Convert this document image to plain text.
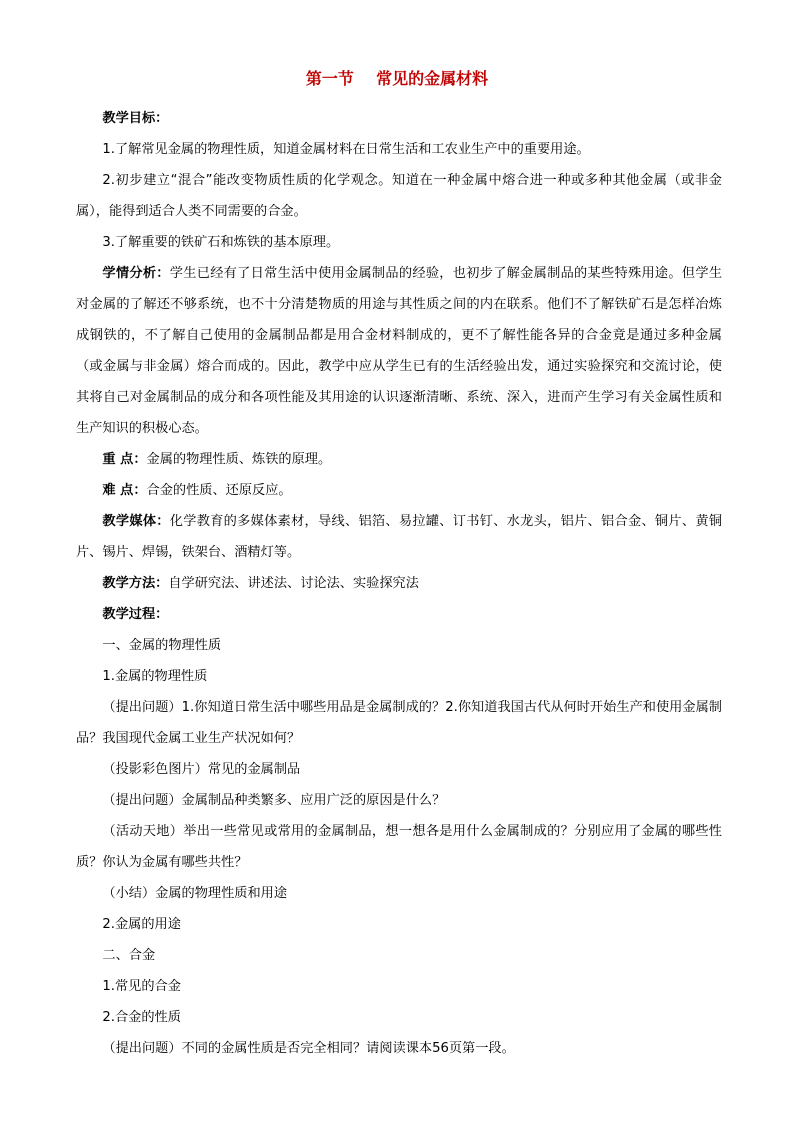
第一节    常见的金属材料

教学目标：

1.了解常见金属的物理性质，知道金属材料在日常生活和工农业生产中的重要用途。

2.初步建立“混合”能改变物质性质的化学观念。知道在一种金属中熔合进一种或多种其他金属（或非金属），能得到适合人类不同需要的合金。

3.了解重要的铁矿石和炼铁的基本原理。

学情分析：学生已经有了日常生活中使用金属制品的经验，也初步了解金属制品的某些特殊用途。但学生对金属的了解还不够系统，也不十分清楚物质的用途与其性质之间的内在联系。他们不了解铁矿石是怎样冶炼成钢铁的，不了解自己使用的金属制品都是用合金材料制成的，更不了解性能各异的合金竟是通过多种金属（或金属与非金属）熔合而成的。因此，教学中应从学生已有的生活经验出发，通过实验探究和交流讨论，使其将自己对金属制品的成分和各项性能及其用途的认识逐渐清晰、系统、深入，进而产生学习有关金属性质和生产知识的积极心态。

重 点：金属的物理性质、炼铁的原理。

难 点：合金的性质、还原反应。

教学媒体：化学教育的多媒体素材，导线、铝箔、易拉罐、订书钉、水龙头，铝片、铝合金、铜片、黄铜片、锡片、焊锡，铁架台、酒精灯等。

教学方法：自学研究法、讲述法、讨论法、实验探究法

教学过程：

一、金属的物理性质

1.金属的物理性质

（提出问题）1.你知道日常生活中哪些用品是金属制成的？2.你知道我国古代从何时开始生产和使用金属制品？我国现代金属工业生产状况如何？

（投影彩色图片）常见的金属制品

（提出问题）金属制品种类繁多、应用广泛的原因是什么？

（活动天地）举出一些常见或常用的金属制品，想一想各是用什么金属制成的？分别应用了金属的哪些性质？你认为金属有哪些共性？

（小结）金属的物理性质和用途

2.金属的用途

二、合金

1.常见的合金

2.合金的性质

（提出问题）不同的金属性质是否完全相同？请阅读课本56页第一段。
